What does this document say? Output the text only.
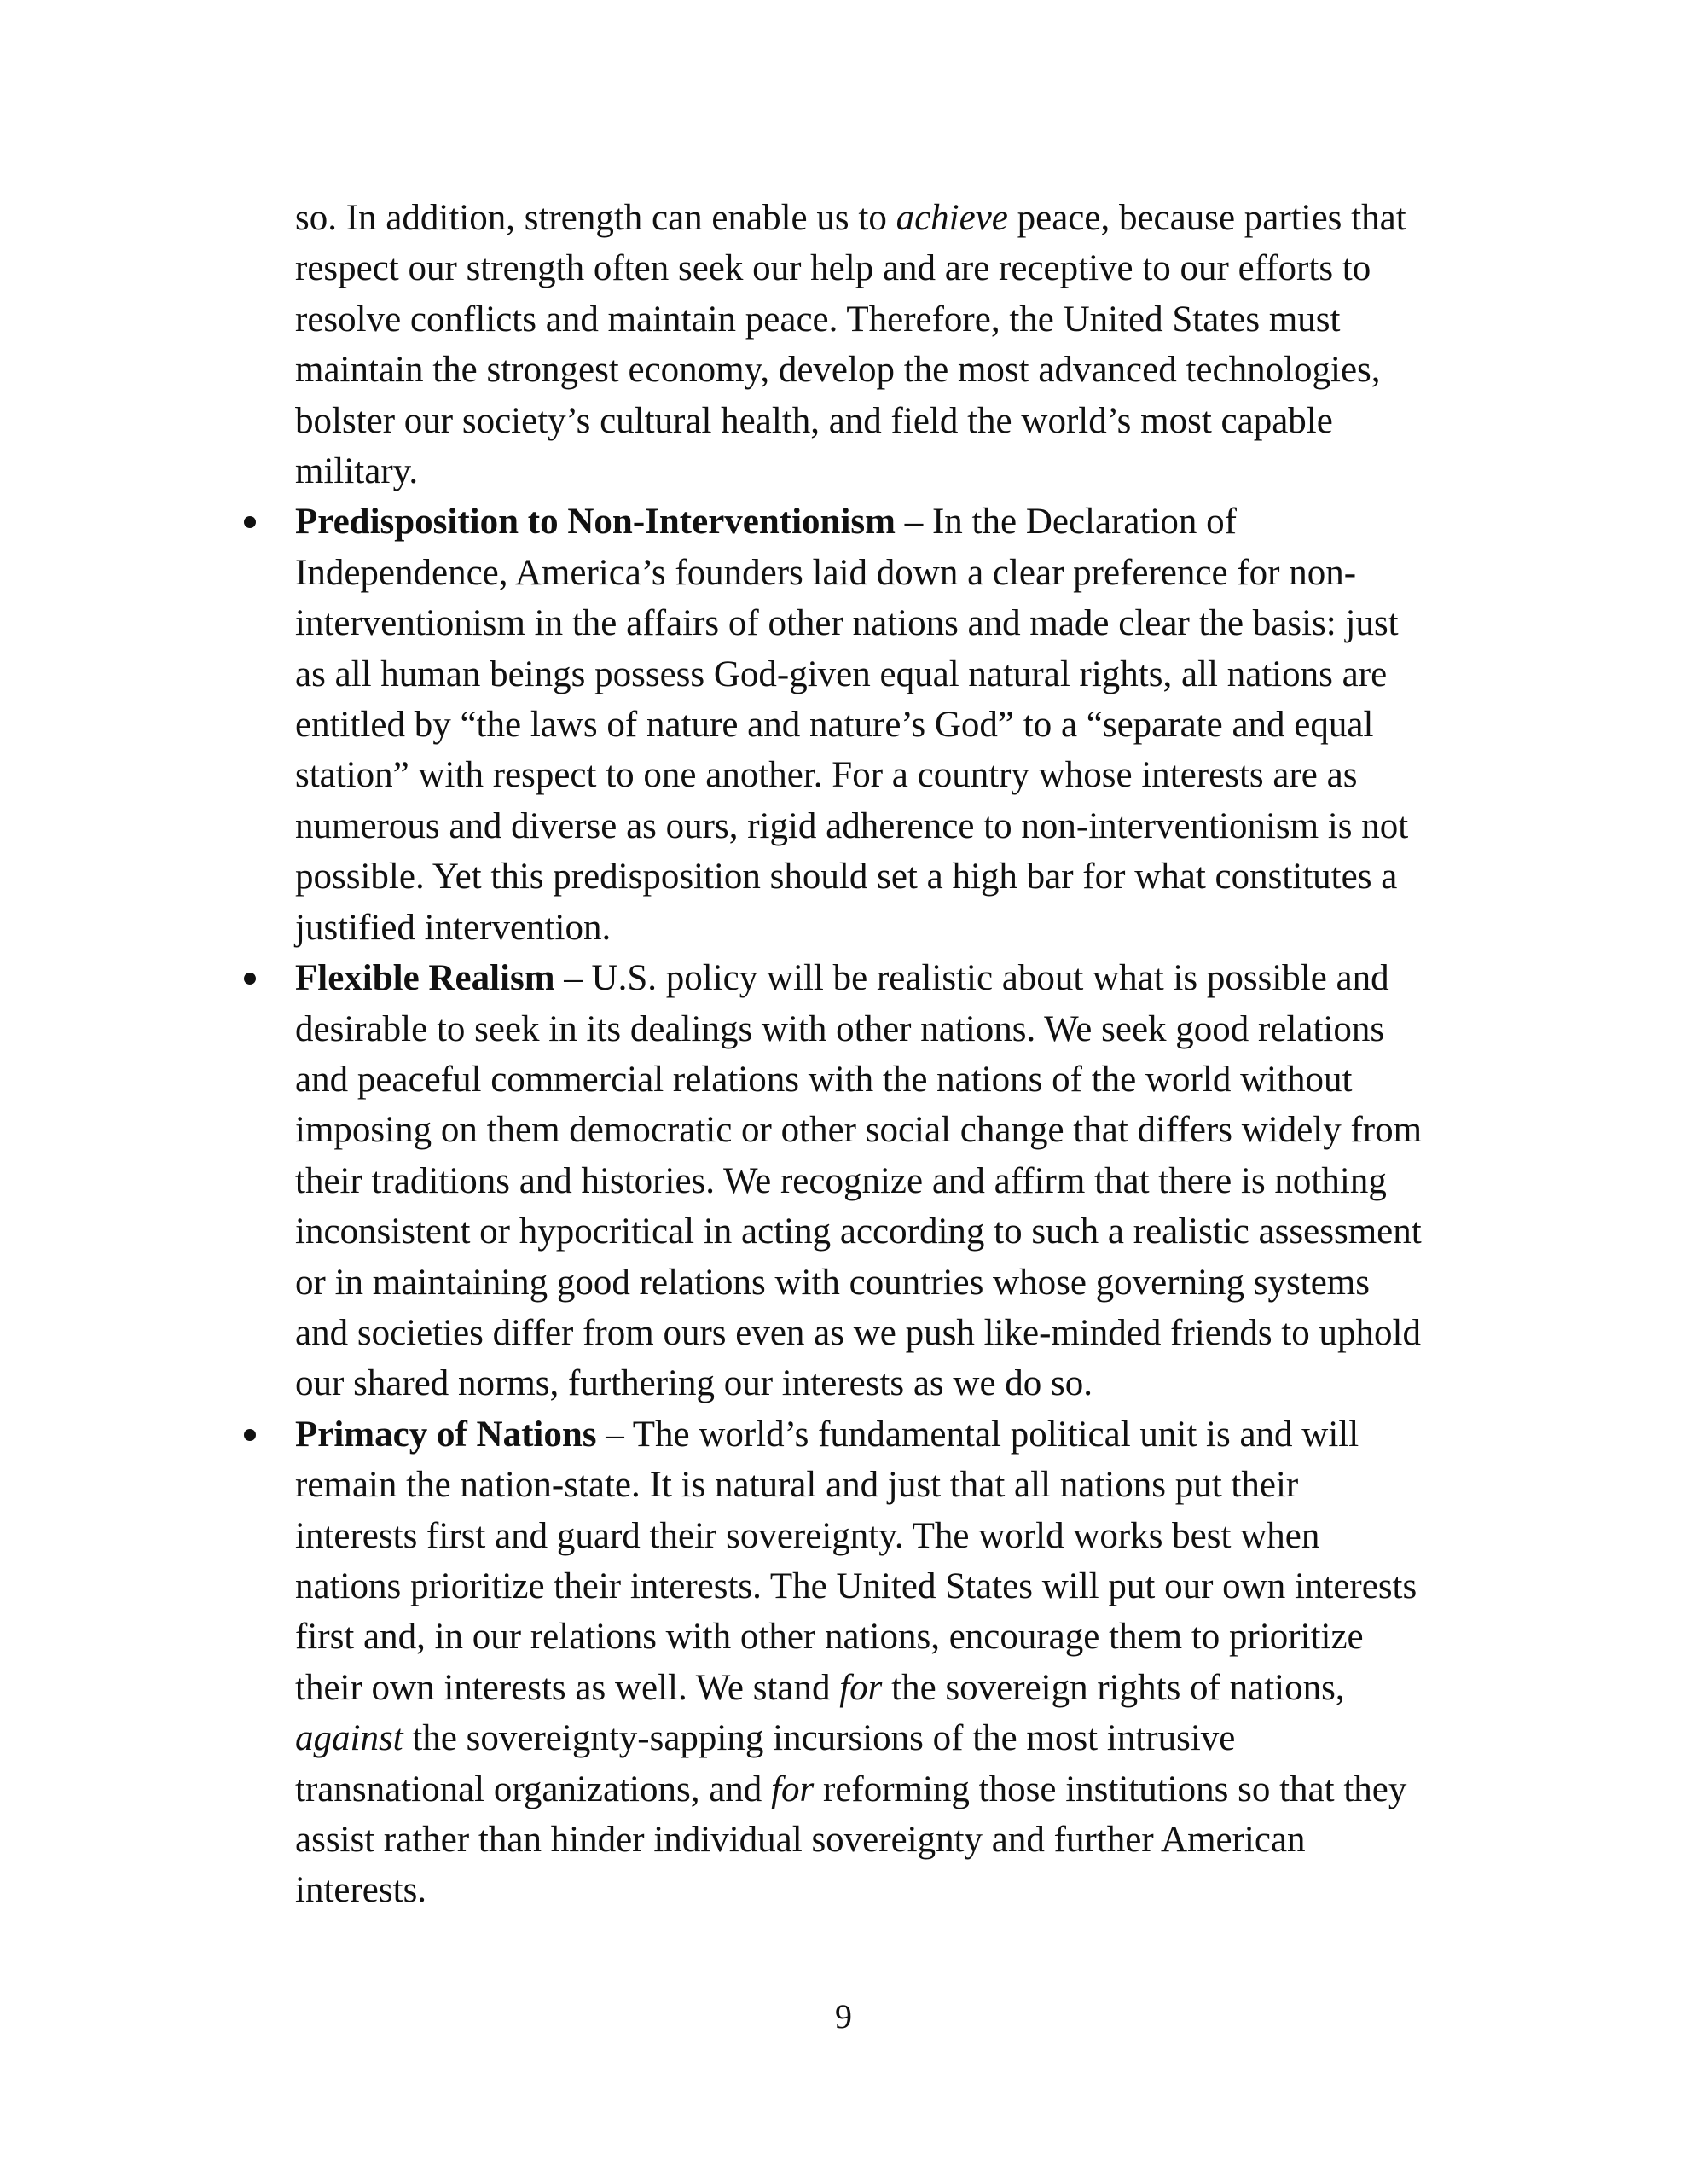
so. In addition, strength can enable us to achieve peace, because parties that
respect our strength often seek our help and are receptive to our efforts to
resolve conflicts and maintain peace. Therefore, the United States must
maintain the strongest economy, develop the most advanced technologies,
bolster our society’s cultural health, and field the world’s most capable
military.
Predisposition to Non-Interventionism – In the Declaration of
Independence, America’s founders laid down a clear preference for non-
interventionism in the affairs of other nations and made clear the basis: just
as all human beings possess God-given equal natural rights, all nations are
entitled by “the laws of nature and nature’s God” to a “separate and equal
station” with respect to one another. For a country whose interests are as
numerous and diverse as ours, rigid adherence to non-interventionism is not
possible. Yet this predisposition should set a high bar for what constitutes a
justified intervention.
Flexible Realism – U.S. policy will be realistic about what is possible and
desirable to seek in its dealings with other nations. We seek good relations
and peaceful commercial relations with the nations of the world without
imposing on them democratic or other social change that differs widely from
their traditions and histories. We recognize and affirm that there is nothing
inconsistent or hypocritical in acting according to such a realistic assessment
or in maintaining good relations with countries whose governing systems
and societies differ from ours even as we push like-minded friends to uphold
our shared norms, furthering our interests as we do so.
Primacy of Nations – The world’s fundamental political unit is and will
remain the nation-state. It is natural and just that all nations put their
interests first and guard their sovereignty. The world works best when
nations prioritize their interests. The United States will put our own interests
first and, in our relations with other nations, encourage them to prioritize
their own interests as well. We stand for the sovereign rights of nations,
against the sovereignty-sapping incursions of the most intrusive
transnational organizations, and for reforming those institutions so that they
assist rather than hinder individual sovereignty and further American
interests.
9
